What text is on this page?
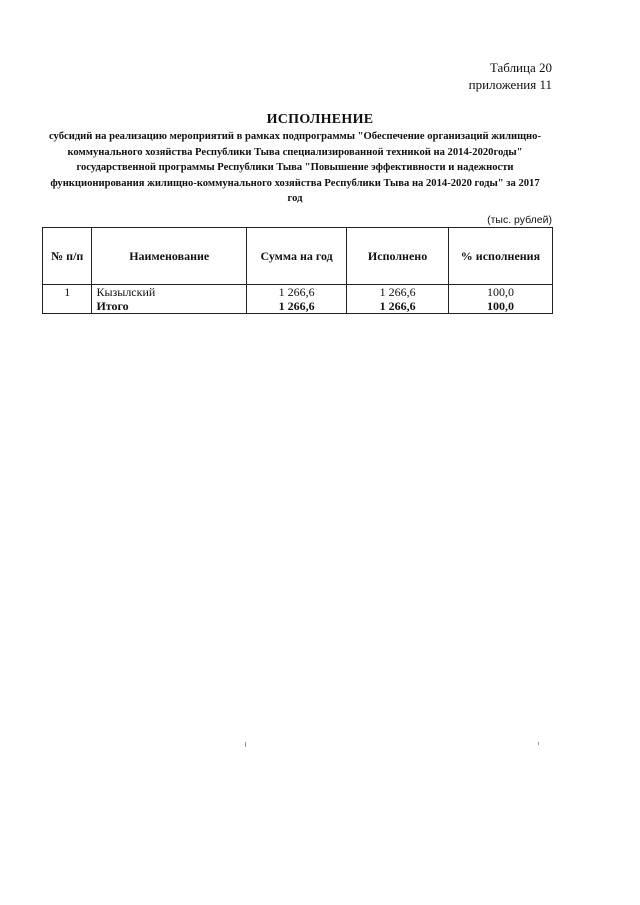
Таблица 20
приложения 11
ИСПОЛНЕНИЕ
субсидий на реализацию мероприятий в рамках подпрограммы "Обеспечение организаций жилищно-
коммунального хозяйства Республики Тыва специализированной техникой на 2014-2020годы"
государственной программы Республики Тыва "Повышение эффективности и надежности
функционирования жилищно-коммунального хозяйства Республики Тыва на 2014-2020 годы" за 2017
год
(тыс. рублей)
№ п/п	Наименование	Сумма на год	Исполнено	% исполнения
1	Кызылский	1 266,6	1 266,6	100,0
	Итого	1 266,6	1 266,6	100,0
